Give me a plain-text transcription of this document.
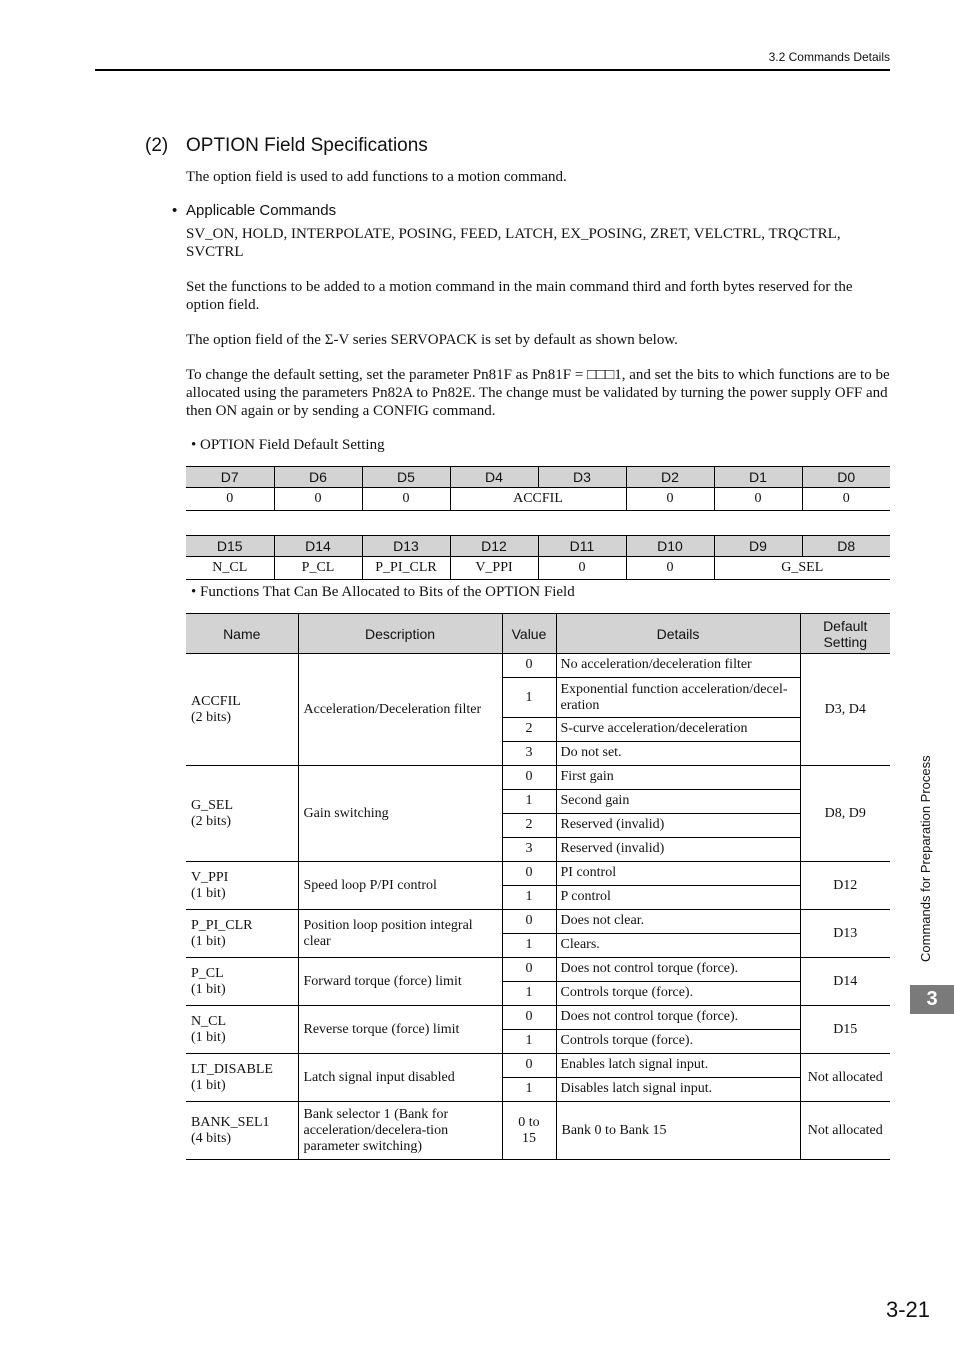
3.2 Commands Details
(2) OPTION Field Specifications
The option field is used to add functions to a motion command.
• Applicable Commands
SV_ON, HOLD, INTERPOLATE, POSING, FEED, LATCH, EX_POSING, ZRET, VELCTRL, TRQCTRL, SVCTRL
Set the functions to be added to a motion command in the main command third and forth bytes reserved for the option field.
The option field of the Σ-V series SERVOPACK is set by default as shown below.
To change the default setting, set the parameter Pn81F as Pn81F = □□□1, and set the bits to which functions are to be allocated using the parameters Pn82A to Pn82E. The change must be validated by turning the power supply OFF and then ON again or by sending a CONFIG command.
• OPTION Field Default Setting
D7	D6	D5	D4	D3	D2	D1	D0
0	0	0	ACCFIL		0	0	0
D15	D14	D13	D12	D11	D10	D9	D8
N_CL	P_CL	P_PI_CLR	V_PPI	0	0	G_SEL	
• Functions That Can Be Allocated to Bits of the OPTION Field
Name	Description	Value	Details	Default Setting
ACCFIL
(2 bits)	Acceleration/Deceleration filter	0	No acceleration/deceleration filter	D3, D4
		1	Exponential function acceleration/decel-eration	
		2	S-curve acceleration/deceleration	
		3	Do not set.	
G_SEL
(2 bits)	Gain switching	0	First gain	D8, D9
		1	Second gain	
		2	Reserved (invalid)	
		3	Reserved (invalid)	
V_PPI
(1 bit)	Speed loop P/PI control	0	PI control	D12
		1	P control	
P_PI_CLR
(1 bit)	Position loop position integral clear	0	Does not clear.	D13
		1	Clears.	
P_CL
(1 bit)	Forward torque (force) limit	0	Does not control torque (force).	D14
		1	Controls torque (force).	
N_CL
(1 bit)	Reverse torque (force) limit	0	Does not control torque (force).	D15
		1	Controls torque (force).	
LT_DISABLE
(1 bit)	Latch signal input disabled	0	Enables latch signal input.	Not allocated
		1	Disables latch signal input.	
BANK_SEL1
(4 bits)	Bank selector 1 (Bank for acceleration/decelera-tion parameter switching)	0 to 15	Bank 0 to Bank 15	Not allocated
Commands for Preparation Process
3
3-21
